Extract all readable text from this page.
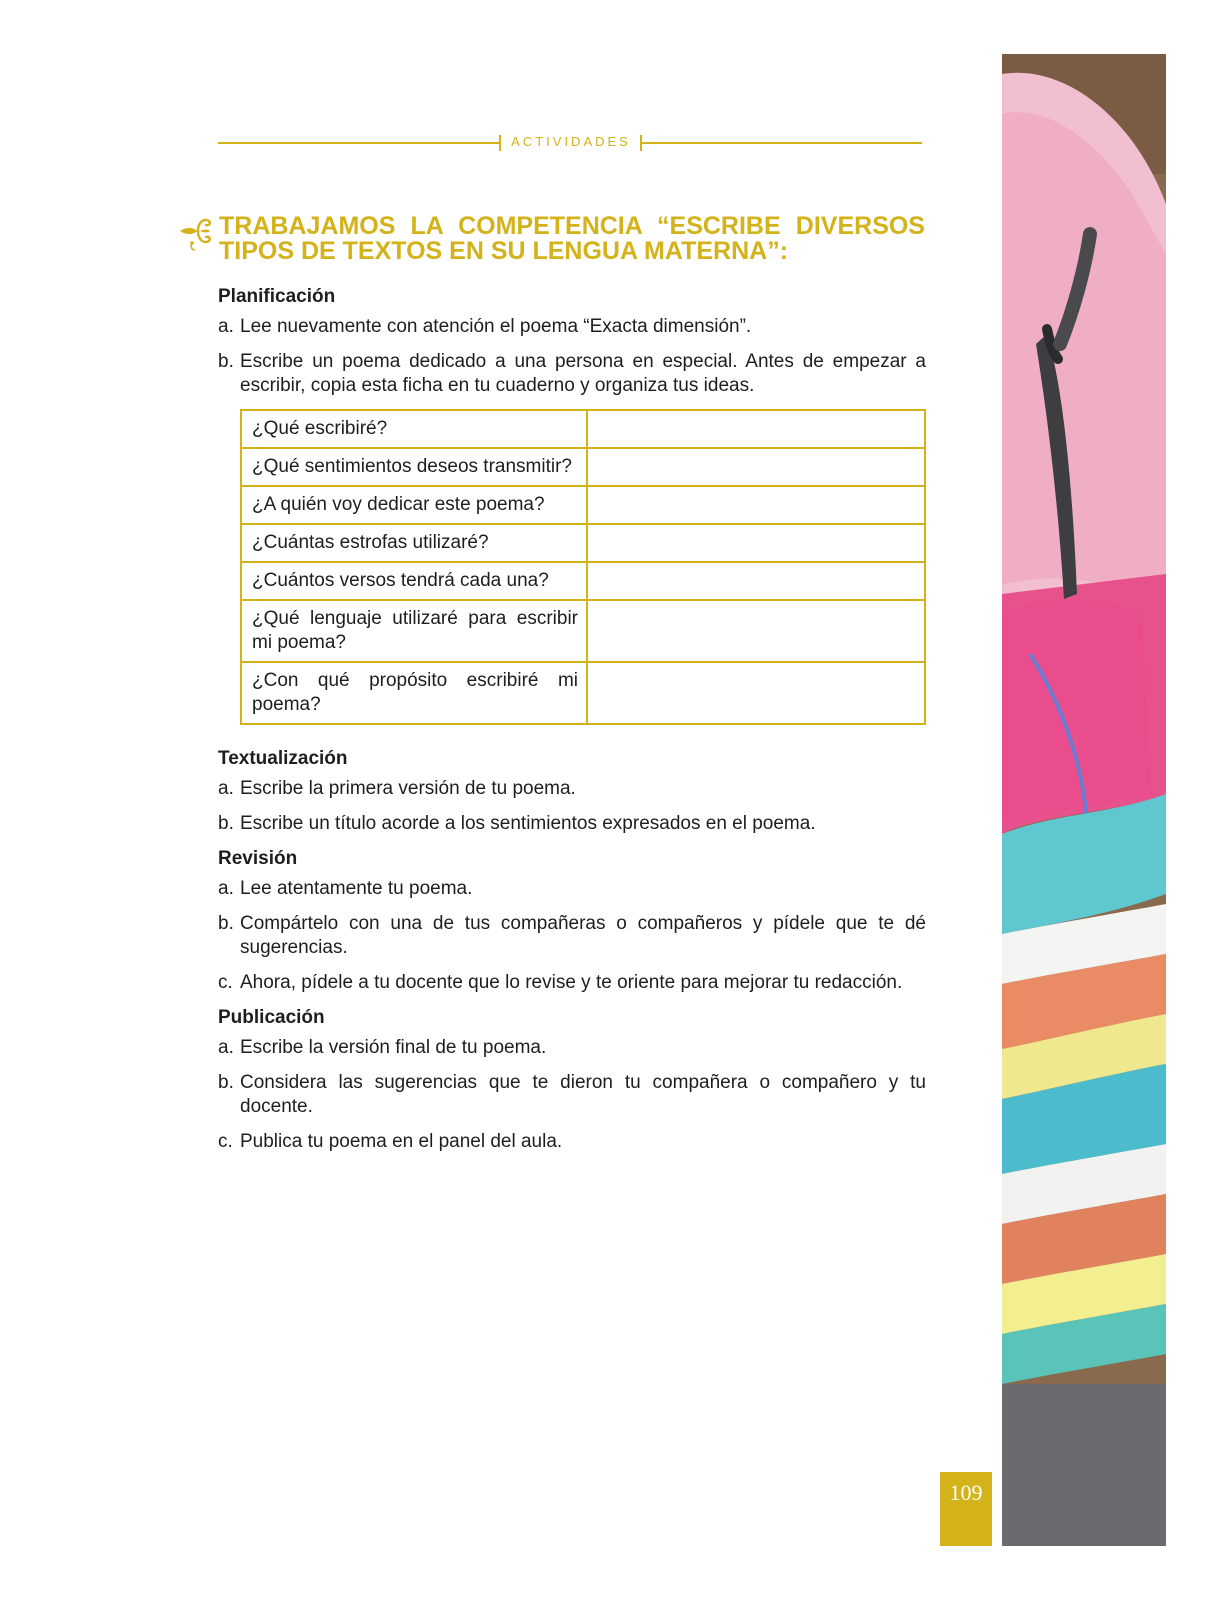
ACTIVIDADES
TRABAJAMOS LA COMPETENCIA “ESCRIBE DIVERSOS TIPOS DE TEXTOS EN SU LENGUA MATERNA”:
Planificación
a. Lee nuevamente con atención el poema “Exacta dimensión”.
b. Escribe un poema dedicado a una persona en especial. Antes de empezar a escribir, copia esta ficha en tu cuaderno y organiza tus ideas.
¿Qué escribiré?	
¿Qué sentimientos deseos transmitir?	
¿A quién voy dedicar este poema?	
¿Cuántas estrofas utilizaré?	
¿Cuántos versos tendrá cada una?	
¿Qué lenguaje utilizaré para escribir mi poema?	
¿Con qué propósito escribiré mi poema?	
Textualización
a. Escribe la primera versión de tu poema.
b. Escribe un título acorde a los sentimientos expresados en el poema.
Revisión
a. Lee atentamente tu poema.
b. Compártelo con una de tus compañeras o compañeros y pídele que te dé sugerencias.
c. Ahora, pídele a tu docente que lo revise y te oriente para mejorar tu redacción.
Publicación
a. Escribe la versión final de tu poema.
b. Considera las sugerencias que te dieron tu compañera o compañero y tu docente.
c. Publica tu poema en el panel del aula.
109
